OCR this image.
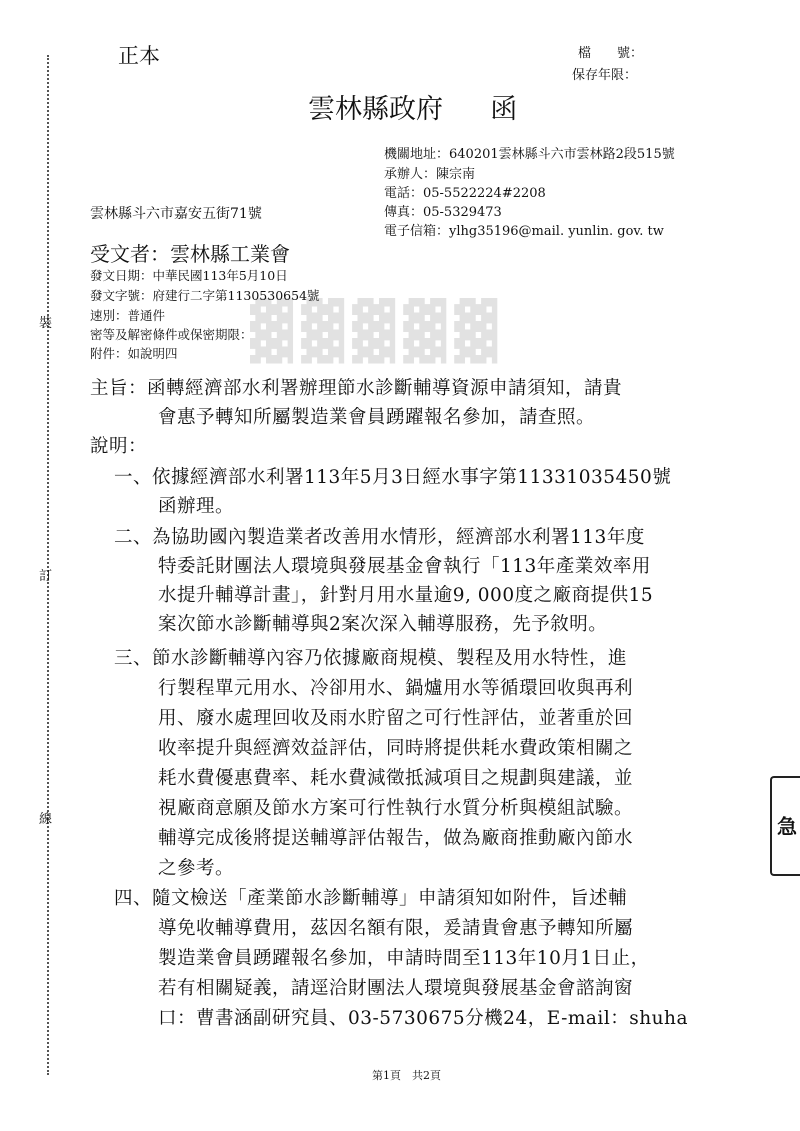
裝
訂
線
▓▓▓▓▓
正本	檔　　號：
保存年限：
雲林縣政府 函
機關地址：640201雲林縣斗六市雲林路2段515號
承辦人：陳宗南
電話：05-5522224#2208
傳真：05-5329473
電子信箱：ylhg35196@mail. yunlin. gov. tw
雲林縣斗六市嘉安五街71號
受文者：雲林縣工業會
發文日期：中華民國113年5月10日
發文字號：府建行二字第1130530654號
速別：普通件
密等及解密條件或保密期限：
附件：如說明四
主旨：函轉經濟部水利署辦理節水診斷輔導資源申請須知，請貴
會惠予轉知所屬製造業會員踴躍報名參加，請查照。
說明：
一、依據經濟部水利署113年5月3日經水事字第11331035450號
函辦理。
二、為協助國內製造業者改善用水情形，經濟部水利署113年度
特委託財團法人環境與發展基金會執行「113年產業效率用
水提升輔導計畫」，針對月用水量逾9, 000度之廠商提供15
案次節水診斷輔導與2案次深入輔導服務，先予敘明。
三、節水診斷輔導內容乃依據廠商規模、製程及用水特性，進
行製程單元用水、冷卻用水、鍋爐用水等循環回收與再利
用、廢水處理回收及雨水貯留之可行性評估，並著重於回
收率提升與經濟效益評估，同時將提供耗水費政策相關之
耗水費優惠費率、耗水費減徵抵減項目之規劃與建議，並
視廠商意願及節水方案可行性執行水質分析與模組試驗。
輔導完成後將提送輔導評估報告，做為廠商推動廠內節水
之參考。
四、隨文檢送「產業節水診斷輔導」申請須知如附件，旨述輔
導免收輔導費用，茲因名額有限，爰請貴會惠予轉知所屬
製造業會員踴躍報名參加，申請時間至113年10月1日止，
若有相關疑義，請逕洽財團法人環境與發展基金會諮詢窗
口：曹書涵副研究員、03-5730675分機24，E-mail：shuha
急
第1頁　共2頁
